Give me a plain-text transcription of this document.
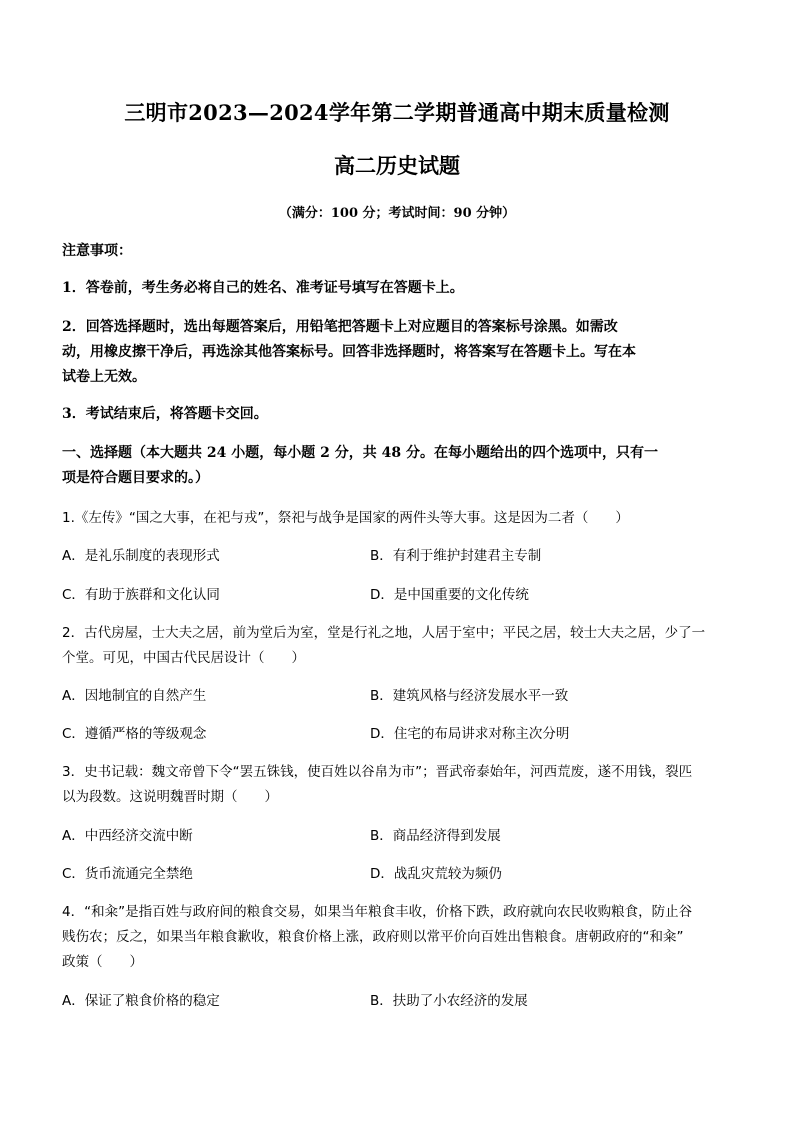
三明市2023—2024学年第二学期普通高中期末质量检测
高二历史试题
（满分：100 分；考试时间：90 分钟）
注意事项：
1．答卷前，考生务必将自己的姓名、准考证号填写在答题卡上。
2．回答选择题时，选出每题答案后，用铅笔把答题卡上对应题目的答案标号涂黑。如需改
动，用橡皮擦干净后，再选涂其他答案标号。回答非选择题时，将答案写在答题卡上。写在本
试卷上无效。
3．考试结束后，将答题卡交回。
一、选择题（本大题共 24 小题，每小题 2 分，共 48 分。在每小题给出的四个选项中，只有一
项是符合题目要求的。）
1.《左传》“国之大事，在祀与戎”，祭祀与战争是国家的两件头等大事。这是因为二者（　　）
A．是礼乐制度的表现形式	B．有利于维护封建君主专制
C．有助于族群和文化认同	D．是中国重要的文化传统
2．古代房屋，士大夫之居，前为堂后为室，堂是行礼之地，人居于室中；平民之居，较士大夫之居，少了一
个堂。可见，中国古代民居设计（　　）
A．因地制宜的自然产生	B．建筑风格与经济发展水平一致
C．遵循严格的等级观念	D．住宅的布局讲求对称主次分明
3．史书记载：魏文帝曾下令“罢五铢钱，使百姓以谷帛为市”；晋武帝泰始年，河西荒废，遂不用钱，裂匹
以为段数。这说明魏晋时期（　　）
A．中西经济交流中断	B．商品经济得到发展
C．货币流通完全禁绝	D．战乱灾荒较为频仍
4．“和籴”是指百姓与政府间的粮食交易，如果当年粮食丰收，价格下跌，政府就向农民收购粮食，防止谷
贱伤农；反之，如果当年粮食歉收，粮食价格上涨，政府则以常平价向百姓出售粮食。唐朝政府的“和籴”
政策（　　）
A．保证了粮食价格的稳定	B．扶助了小农经济的发展
